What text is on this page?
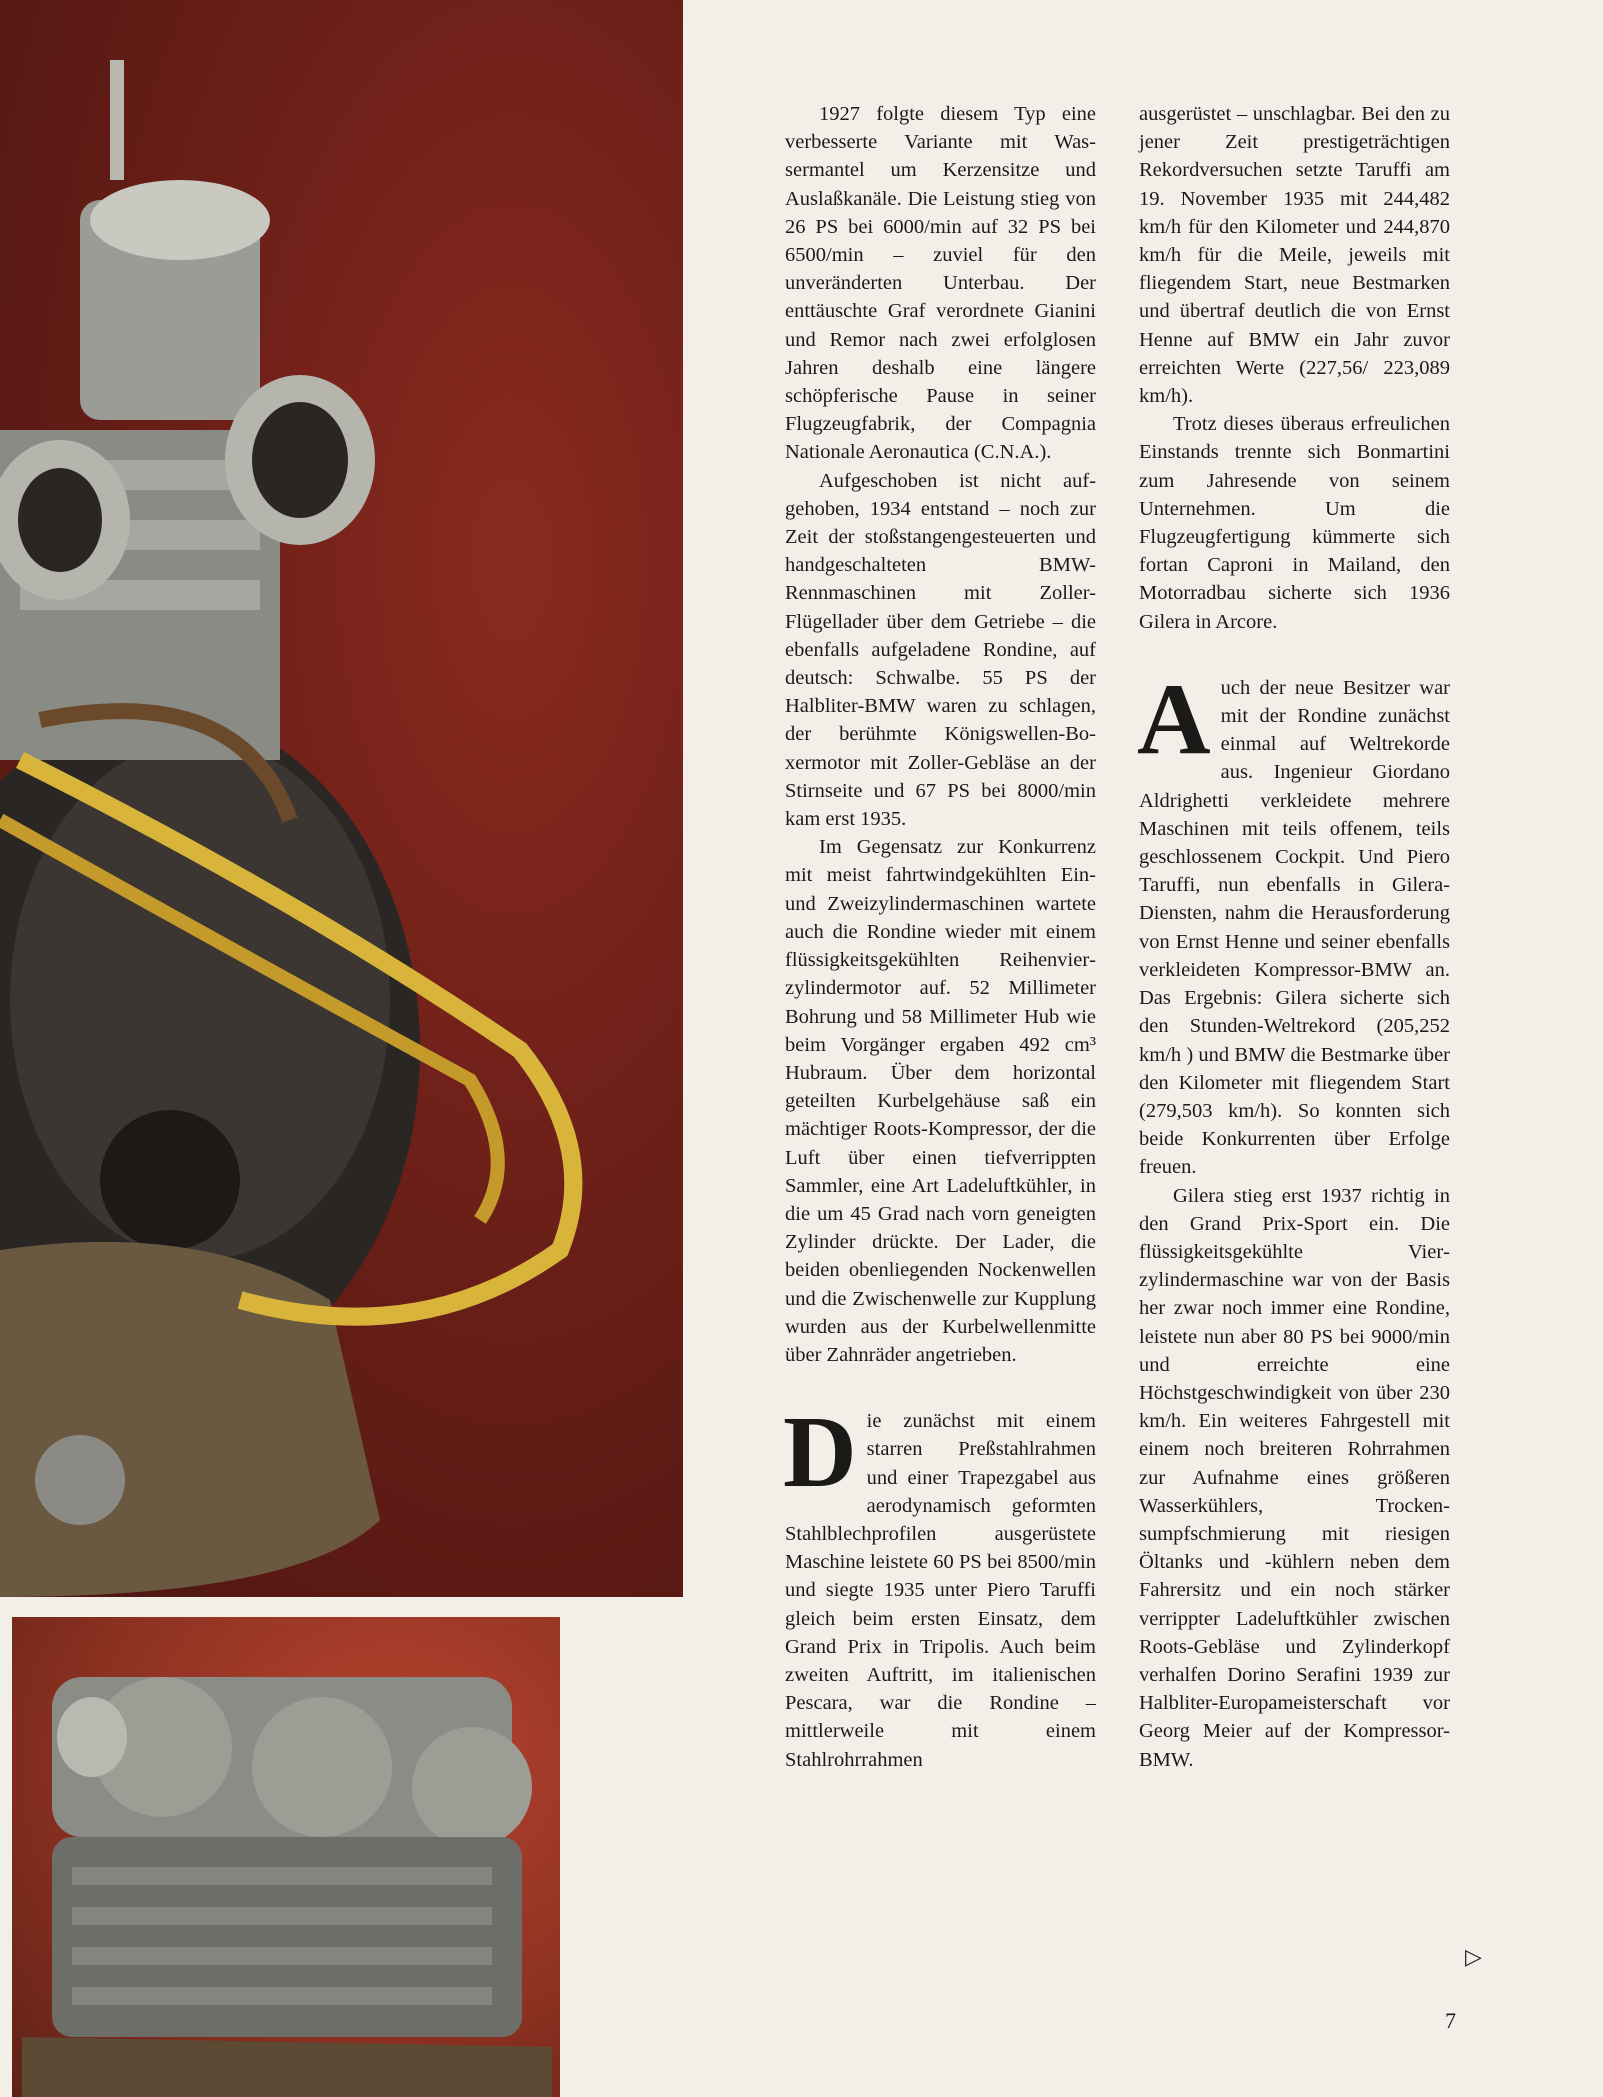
1927 folgte diesem Typ eine verbesserte Variante mit Wassermantel um Kerzensitze und Auslaßkanäle. Die Leistung stieg von 26 PS bei 6000/min auf 32 PS bei 6500/min – zuviel für den unveränderten Unterbau. Der enttäuschte Graf verordnete Gianini und Remor nach zwei erfolglosen Jahren deshalb eine längere schöpferische Pause in seiner Flugzeugfabrik, der Compagnia Nationale Aeronautica (C.N.A.).

Aufgeschoben ist nicht aufgehoben, 1934 entstand – noch zur Zeit der stoßstangengesteuerten und handgeschalteten BMW-Rennmaschinen mit Zoller-Flügellader über dem Getriebe – die ebenfalls aufgeladene Rondine, auf deutsch: Schwalbe. 55 PS der Halbliter-BMW waren zu schlagen, der berühmte Königswellen-Boxermotor mit Zoller-Gebläse an der Stirnseite und 67 PS bei 8000/min kam erst 1935.

Im Gegensatz zur Konkurrenz mit meist fahrtwindgekühlten Ein- und Zweizylindermaschinen wartete auch die Rondine wieder mit einem flüssigkeitsgekühlten Reihenvierzylindermotor auf. 52 Millimeter Bohrung und 58 Millimeter Hub wie beim Vorgänger ergaben 492 cm³ Hubraum. Über dem horizontal geteilten Kurbelgehäuse saß ein mächtiger Roots-Kompressor, der die Luft über einen tiefverrippten Sammler, eine Art Ladeluftkühler, in die um 45 Grad nach vorn geneigten Zylinder drückte. Der Lader, die beiden obenliegenden Nockenwellen und die Zwischenwelle zur Kupplung wurden aus der Kurbelwellenmitte über Zahnräder angetrieben.

Die zunächst mit einem starren Preßstahlrahmen und einer Trapezgabel aus aerodynamisch geformten Stahlblechprofilen ausgerüstete Maschine leistete 60 PS bei 8500/min und siegte 1935 unter Piero Taruffi gleich beim ersten Einsatz, dem Grand Prix in Tripolis. Auch beim zweiten Auftritt, im italienischen Pescara, war die Rondine – mittlerweile mit einem Stahlrohrrahmen

ausgerüstet – unschlagbar. Bei den zu jener Zeit prestigeträchtigen Rekordversuchen setzte Taruffi am 19. November 1935 mit 244,482 km/h für den Kilometer und 244,870 km/h für die Meile, jeweils mit fliegendem Start, neue Bestmarken und übertraf deutlich die von Ernst Henne auf BMW ein Jahr zuvor erreichten Werte (227,56/ 223,089 km/h).

Trotz dieses überaus erfreulichen Einstands trennte sich Bonmartini zum Jahresende von seinem Unternehmen. Um die Flugzeugfertigung kümmerte sich fortan Caproni in Mailand, den Motorradbau sicherte sich 1936 Gilera in Arcore.

Auch der neue Besitzer war mit der Rondine zunächst einmal auf Weltrekorde aus. Ingenieur Giordano Aldrighetti verkleidete mehrere Maschinen mit teils offenem, teils geschlossenem Cockpit. Und Piero Taruffi, nun ebenfalls in Gilera-Diensten, nahm die Herausforderung von Ernst Henne und seiner ebenfalls verkleideten Kompressor-BMW an. Das Ergebnis: Gilera sicherte sich den Stunden-Weltrekord (205,252 km/h ) und BMW die Bestmarke über den Kilometer mit fliegendem Start (279,503 km/h). So konnten sich beide Konkurrenten über Erfolge freuen.

Gilera stieg erst 1937 richtig in den Grand Prix-Sport ein. Die flüssigkeitsgekühlte Vierzylindermaschine war von der Basis her zwar noch immer eine Rondine, leistete nun aber 80 PS bei 9000/min und erreichte eine Höchstgeschwindigkeit von über 230 km/h. Ein weiteres Fahrgestell mit einem noch breiteren Rohrrahmen zur Aufnahme eines größeren Wasserkühlers, Trockensumpfschmierung mit riesigen Öltanks und -kühlern neben dem Fahrersitz und ein noch stärker verrippter Ladeluftkühler zwischen Roots-Gebläse und Zylinderkopf verhalfen Dorino Serafini 1939 zur Halbliter-Europameisterschaft vor Georg Meier auf der Kompressor-BMW.

▷
7
